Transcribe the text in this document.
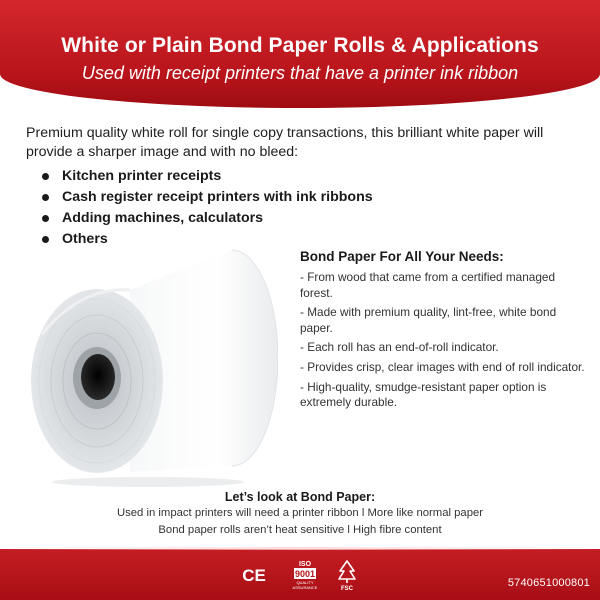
White or Plain Bond Paper Rolls & Applications
Used with receipt printers that have a printer ink ribbon

Premium quality white roll for single copy transactions, this brilliant white paper will provide a sharper image and with no bleed:

Kitchen printer receipts
Cash register receipt printers with ink ribbons
Adding machines, calculators
Others
Bond Paper For All Your Needs:
- From wood that came from a certified managed forest.
- Made with premium quality, lint-free, white bond paper.
- Each roll has an end-of-roll indicator.
- Provides crisp, clear images with end of roll indicator.
- High-quality, smudge-resistant paper option is extremely durable.
Let’s look at Bond Paper:
Used in impact printers will need a printer ribbon l More like normal paper
Bond paper rolls aren’t heat sensitive l High fibre content
CE
ISO
9001
QUALITY
ASSURANCE	FSC	5740651000801
